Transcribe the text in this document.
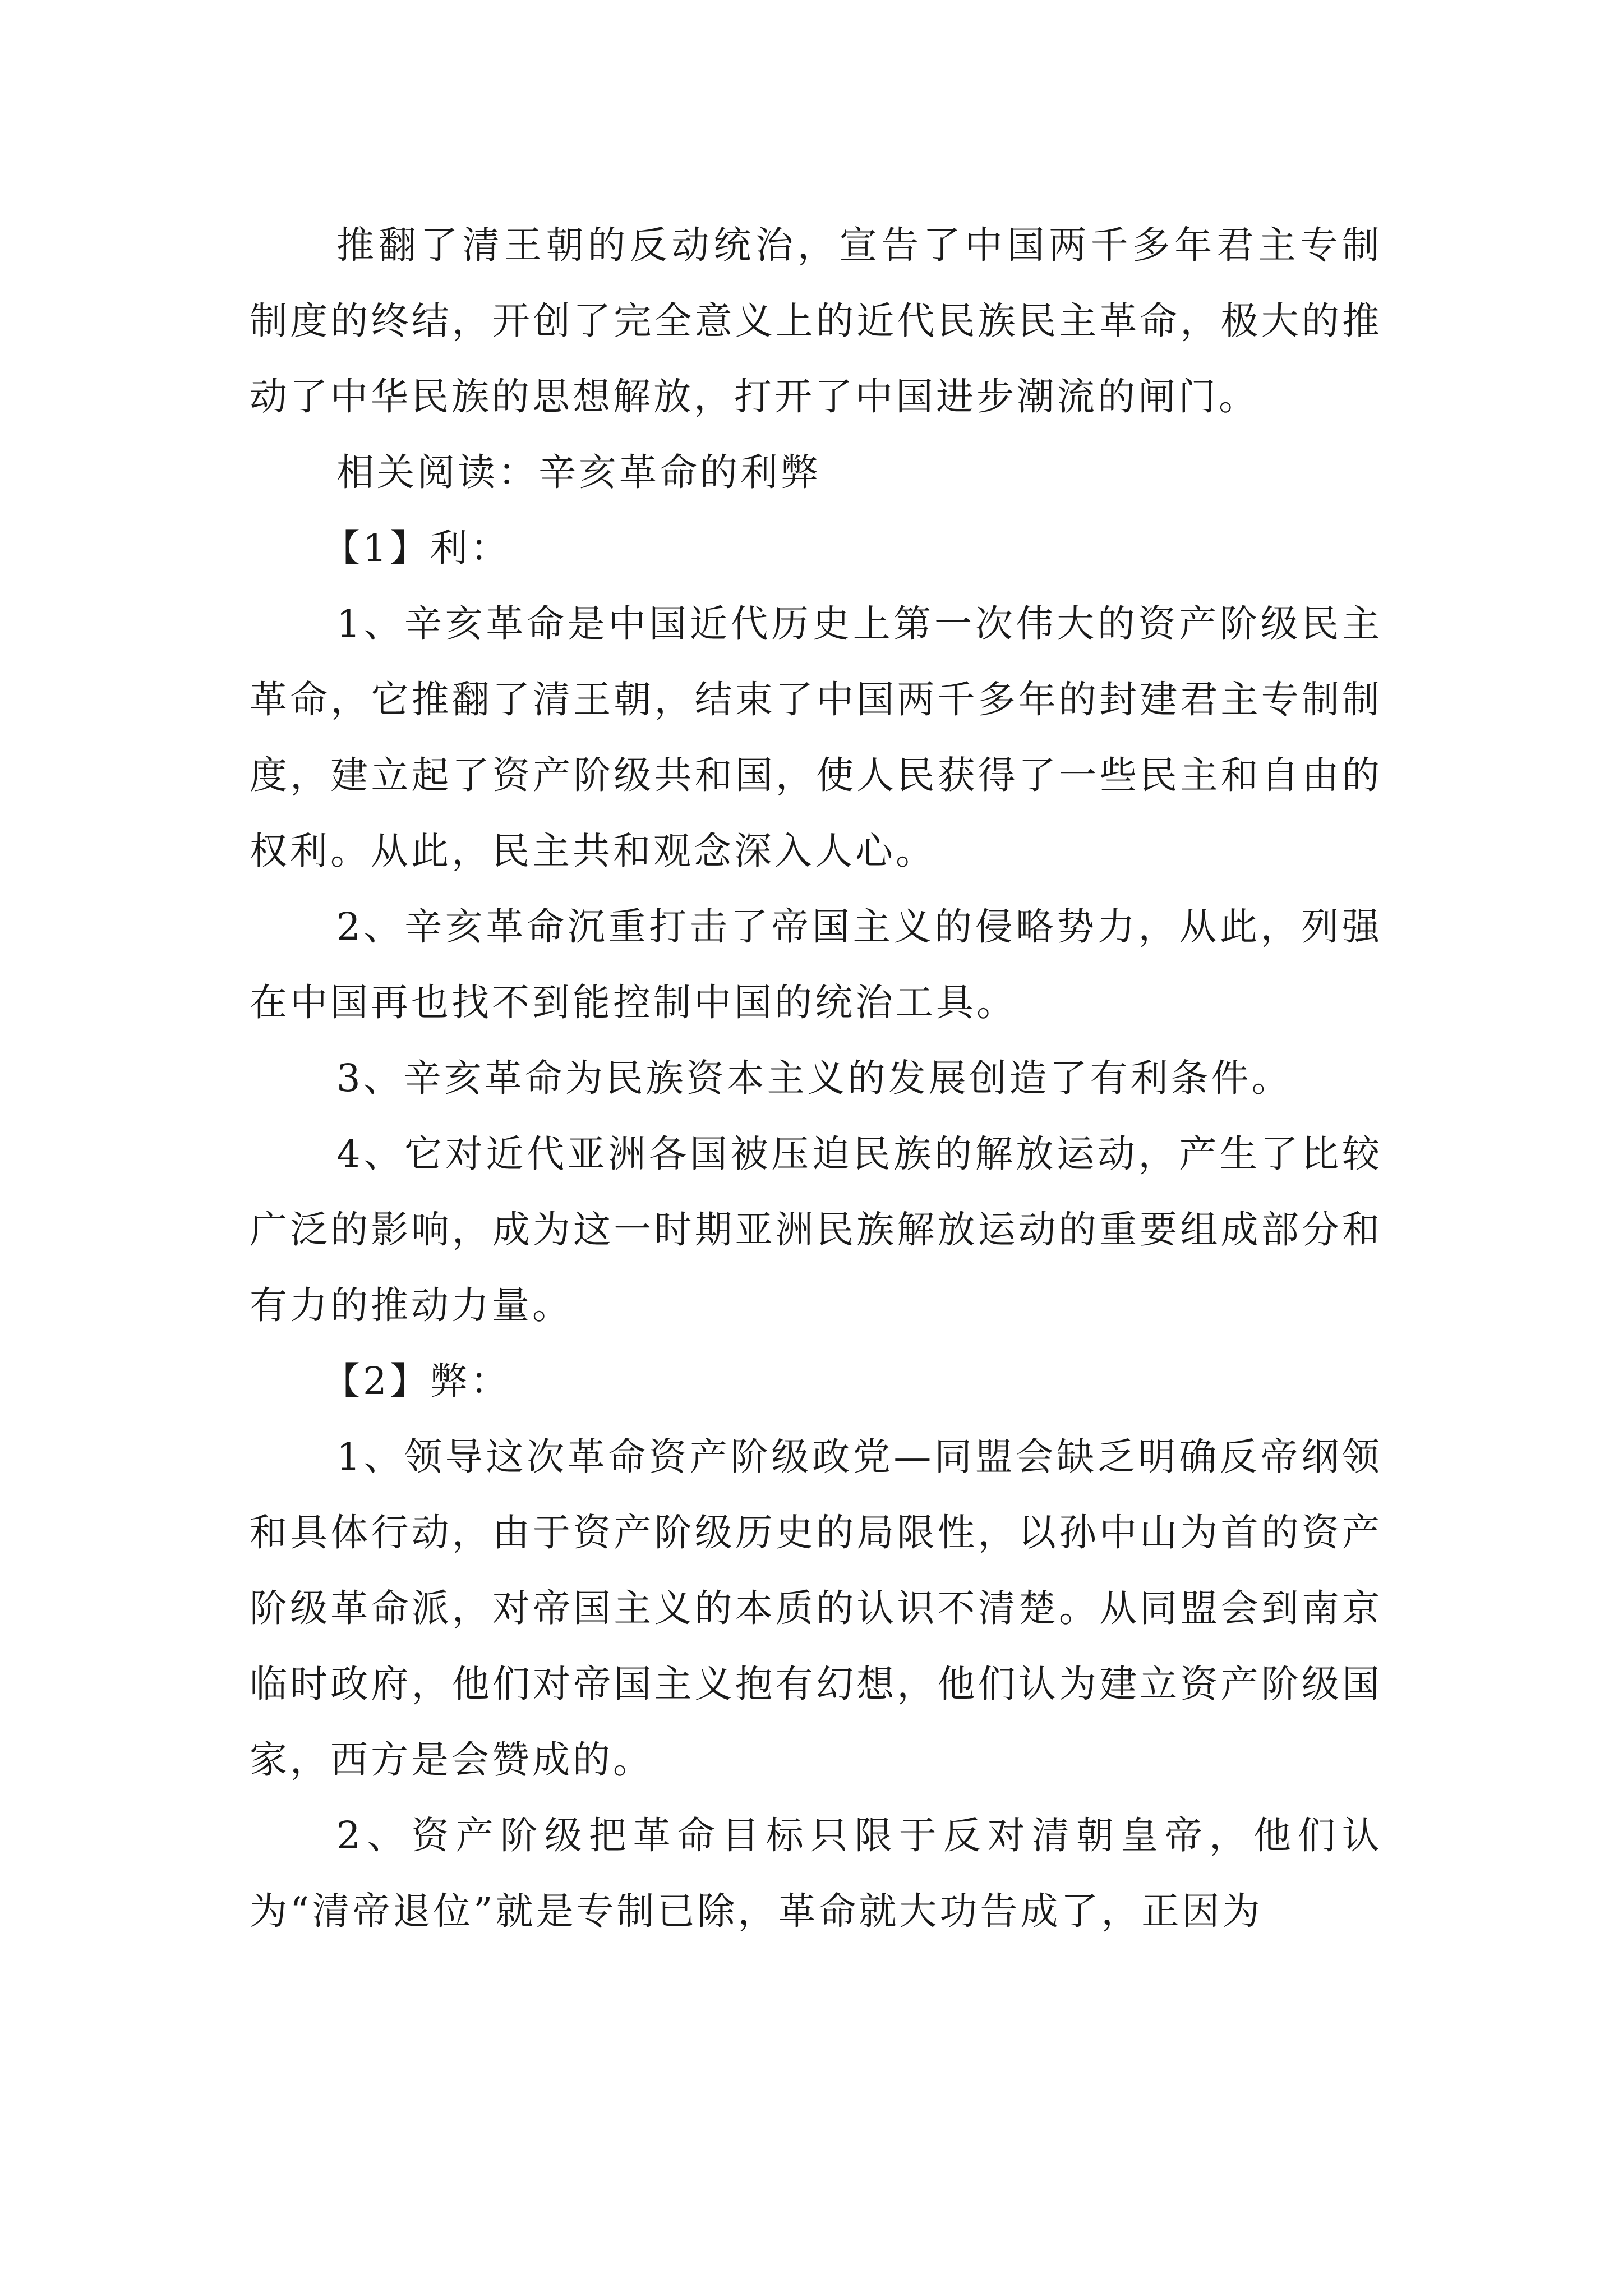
推翻了清王朝的反动统治，宣告了中国两千多年君主专制制度的终结，开创了完全意义上的近代民族民主革命，极大的推动了中华民族的思想解放，打开了中国进步潮流的闸门。

相关阅读：辛亥革命的利弊

【1】利：

1、辛亥革命是中国近代历史上第一次伟大的资产阶级民主革命，它推翻了清王朝，结束了中国两千多年的封建君主专制制度，建立起了资产阶级共和国，使人民获得了一些民主和自由的权利。从此，民主共和观念深入人心。

2、辛亥革命沉重打击了帝国主义的侵略势力，从此，列强在中国再也找不到能控制中国的统治工具。

3、辛亥革命为民族资本主义的发展创造了有利条件。

4、它对近代亚洲各国被压迫民族的解放运动，产生了比较广泛的影响，成为这一时期亚洲民族解放运动的重要组成部分和有力的推动力量。

【2】弊：

1、领导这次革命资产阶级政党—同盟会缺乏明确反帝纲领和具体行动，由于资产阶级历史的局限性，以孙中山为首的资产阶级革命派，对帝国主义的本质的认识不清楚。从同盟会到南京临时政府，他们对帝国主义抱有幻想，他们认为建立资产阶级国家，西方是会赞成的。

2、资产阶级把革命目标只限于反对清朝皇帝，他们认为“清帝退位”就是专制已除，革命就大功告成了，正因为
